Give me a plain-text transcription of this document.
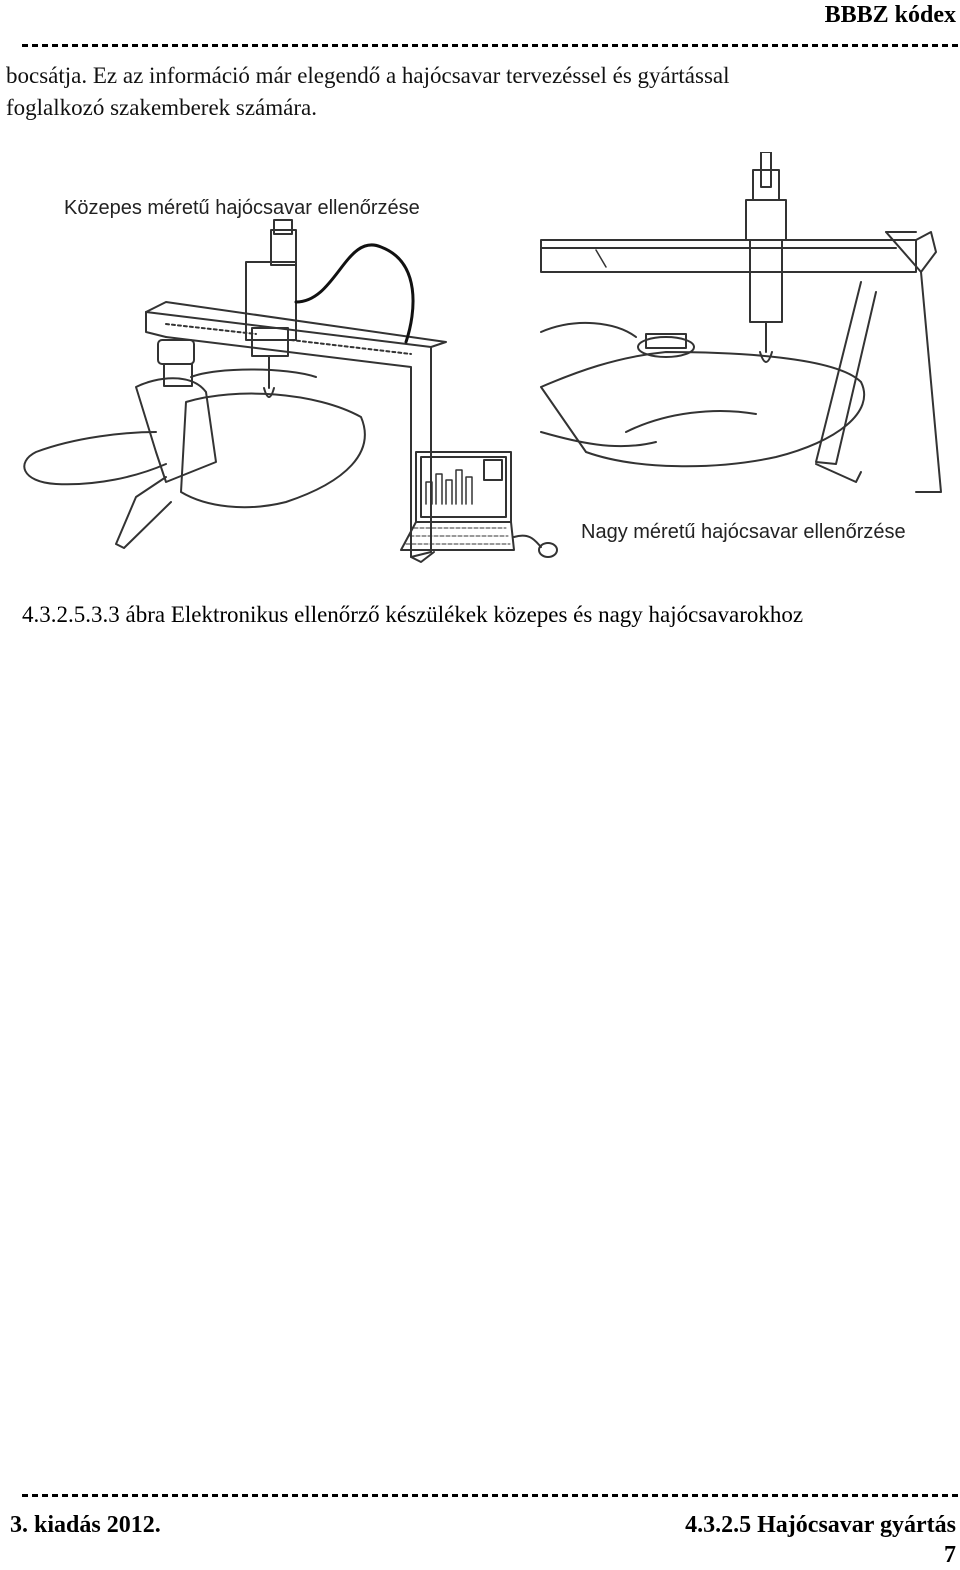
BBBZ kódex

bocsátja. Ez az információ már elegendő a hajócsavar tervezéssel és gyártással

foglalkozó szakemberek számára.

Közepes méretű hajócsavar ellenőrzése
Nagy méretű hajócsavar ellenőrzése
4.3.2.5.3.3 ábra Elektronikus ellenőrző készülékek közepes és nagy hajócsavarokhoz
3. kiadás 2012.	4.3.2.5 Hajócsavar gyártás
7
